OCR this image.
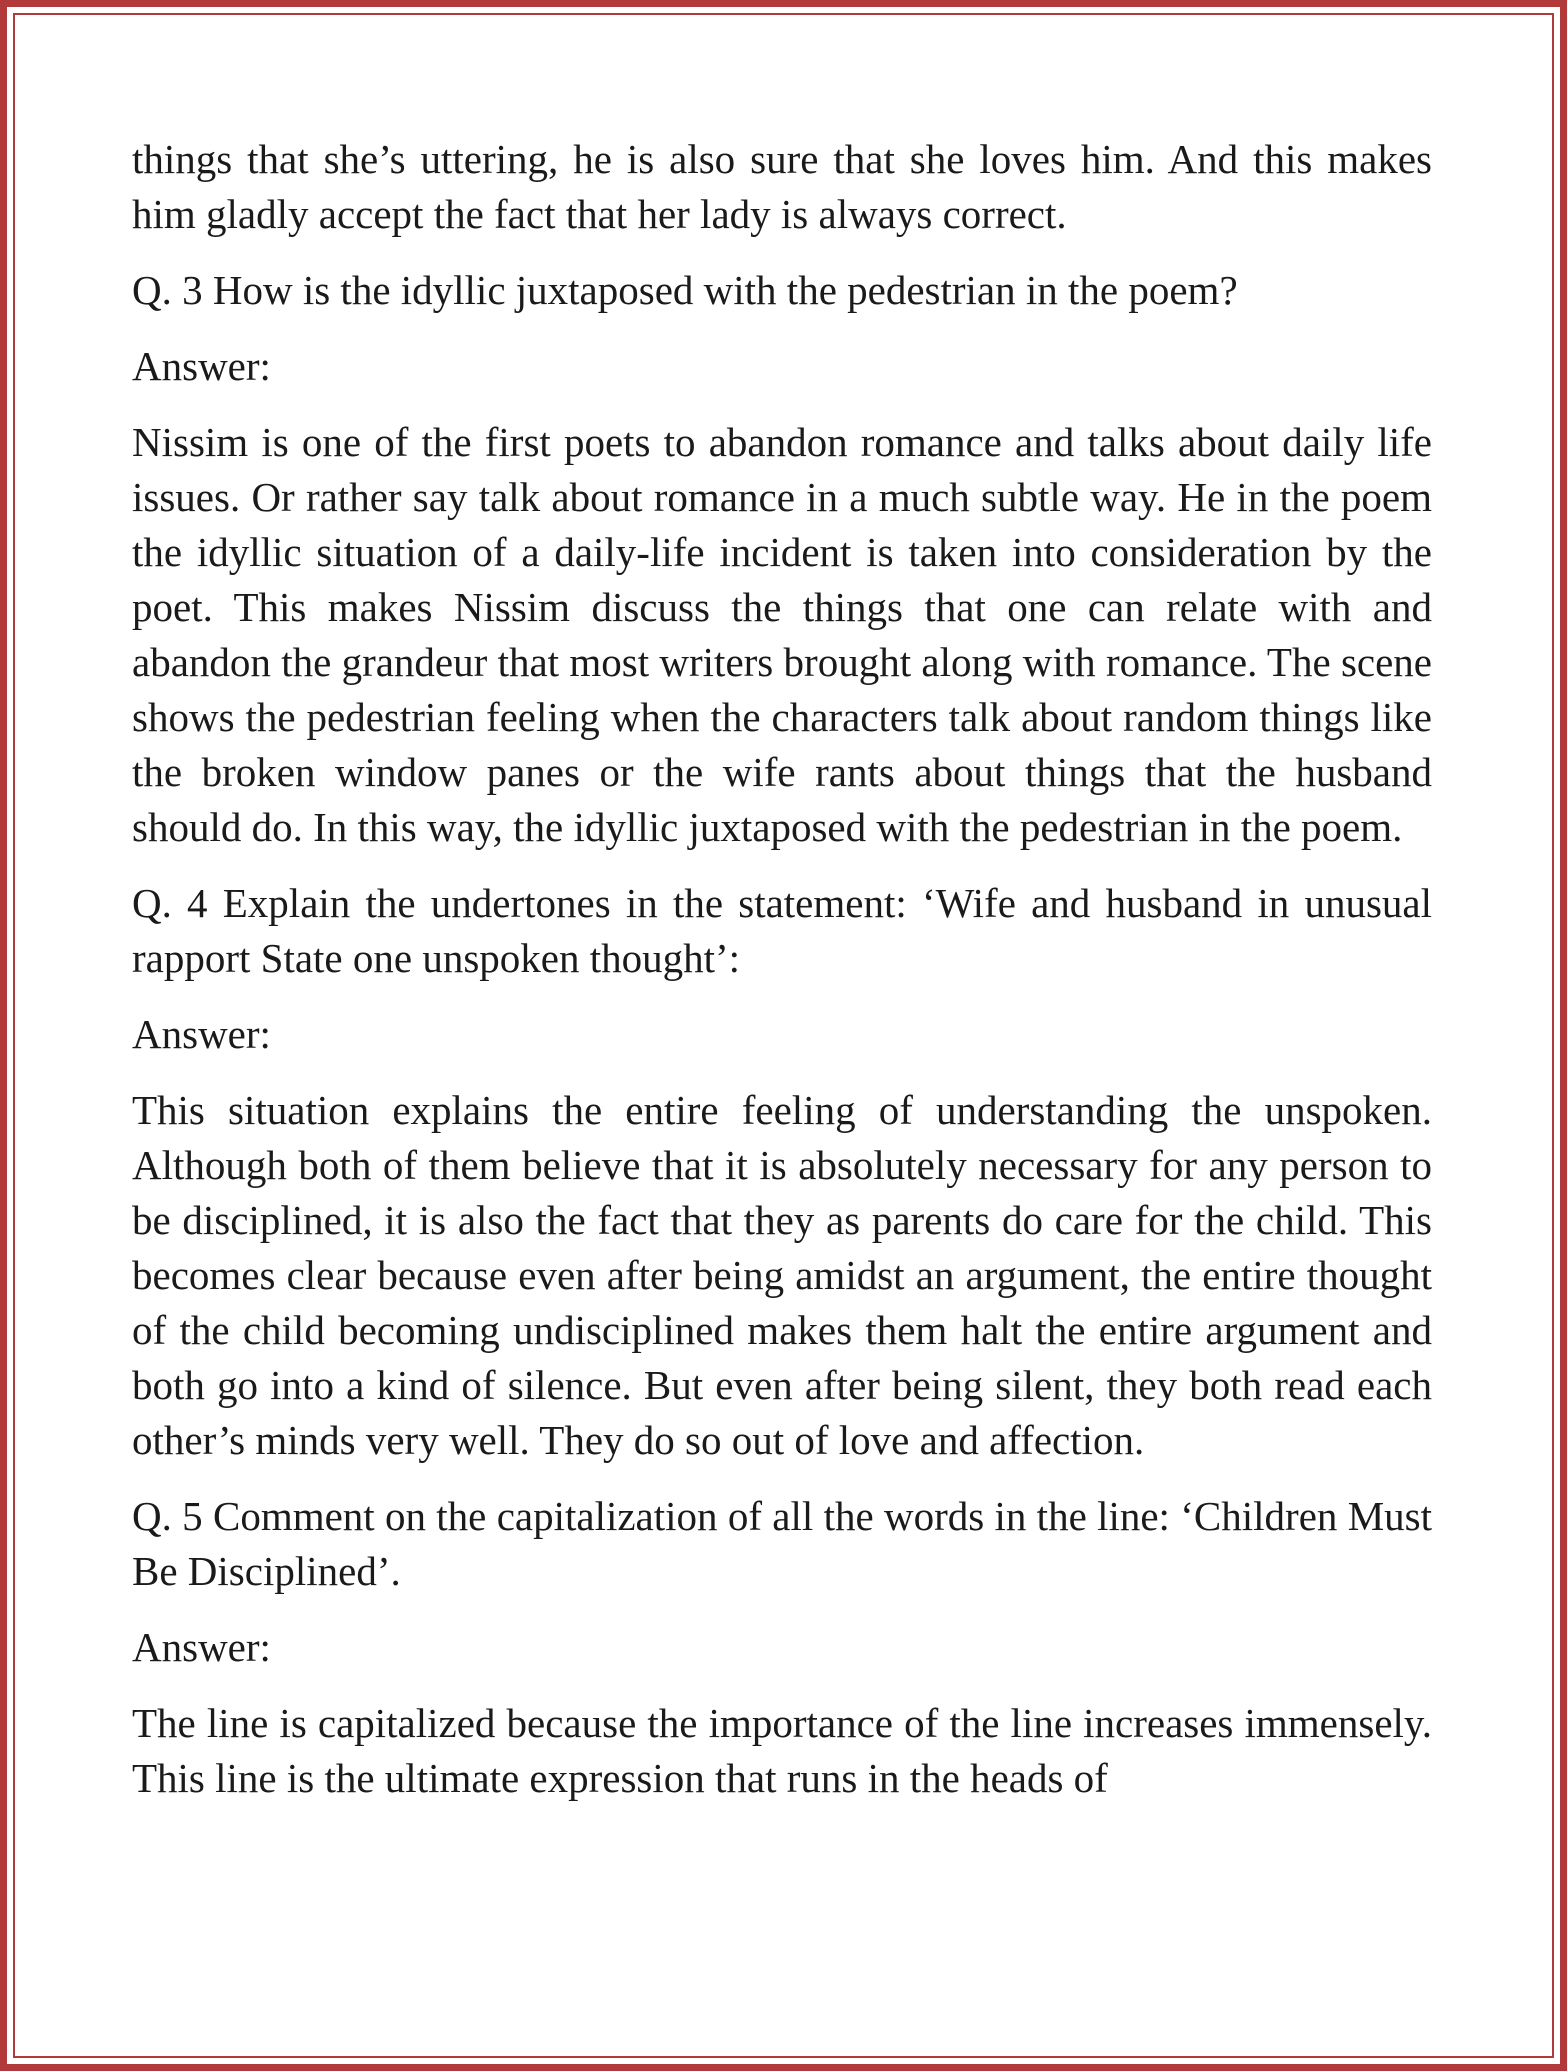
things that she’s uttering, he is also sure that she loves him. And this makes him gladly accept the fact that her lady is always correct.

Q. 3 How is the idyllic juxtaposed with the pedestrian in the poem?

Answer:

Nissim is one of the first poets to abandon romance and talks about daily life issues. Or rather say talk about romance in a much subtle way. He in the poem the idyllic situation of a daily-life incident is taken into consideration by the poet. This makes Nissim discuss the things that one can relate with and abandon the grandeur that most writers brought along with romance. The scene shows the pedestrian feeling when the characters talk about random things like the broken window panes or the wife rants about things that the husband should do. In this way, the idyllic juxtaposed with the pedestrian in the poem.

Q. 4 Explain the undertones in the statement: ‘Wife and husband in unusual rapport State one unspoken thought’:

Answer:

This situation explains the entire feeling of understanding the unspoken. Although both of them believe that it is absolutely necessary for any person to be disciplined, it is also the fact that they as parents do care for the child. This becomes clear because even after being amidst an argument, the entire thought of the child becoming undisciplined makes them halt the entire argument and both go into a kind of silence. But even after being silent, they both read each other’s minds very well. They do so out of love and affection.

Q. 5 Comment on the capitalization of all the words in the line: ‘Children Must Be Disciplined’.

Answer:

The line is capitalized because the importance of the line increases immensely. This line is the ultimate expression that runs in the heads of
